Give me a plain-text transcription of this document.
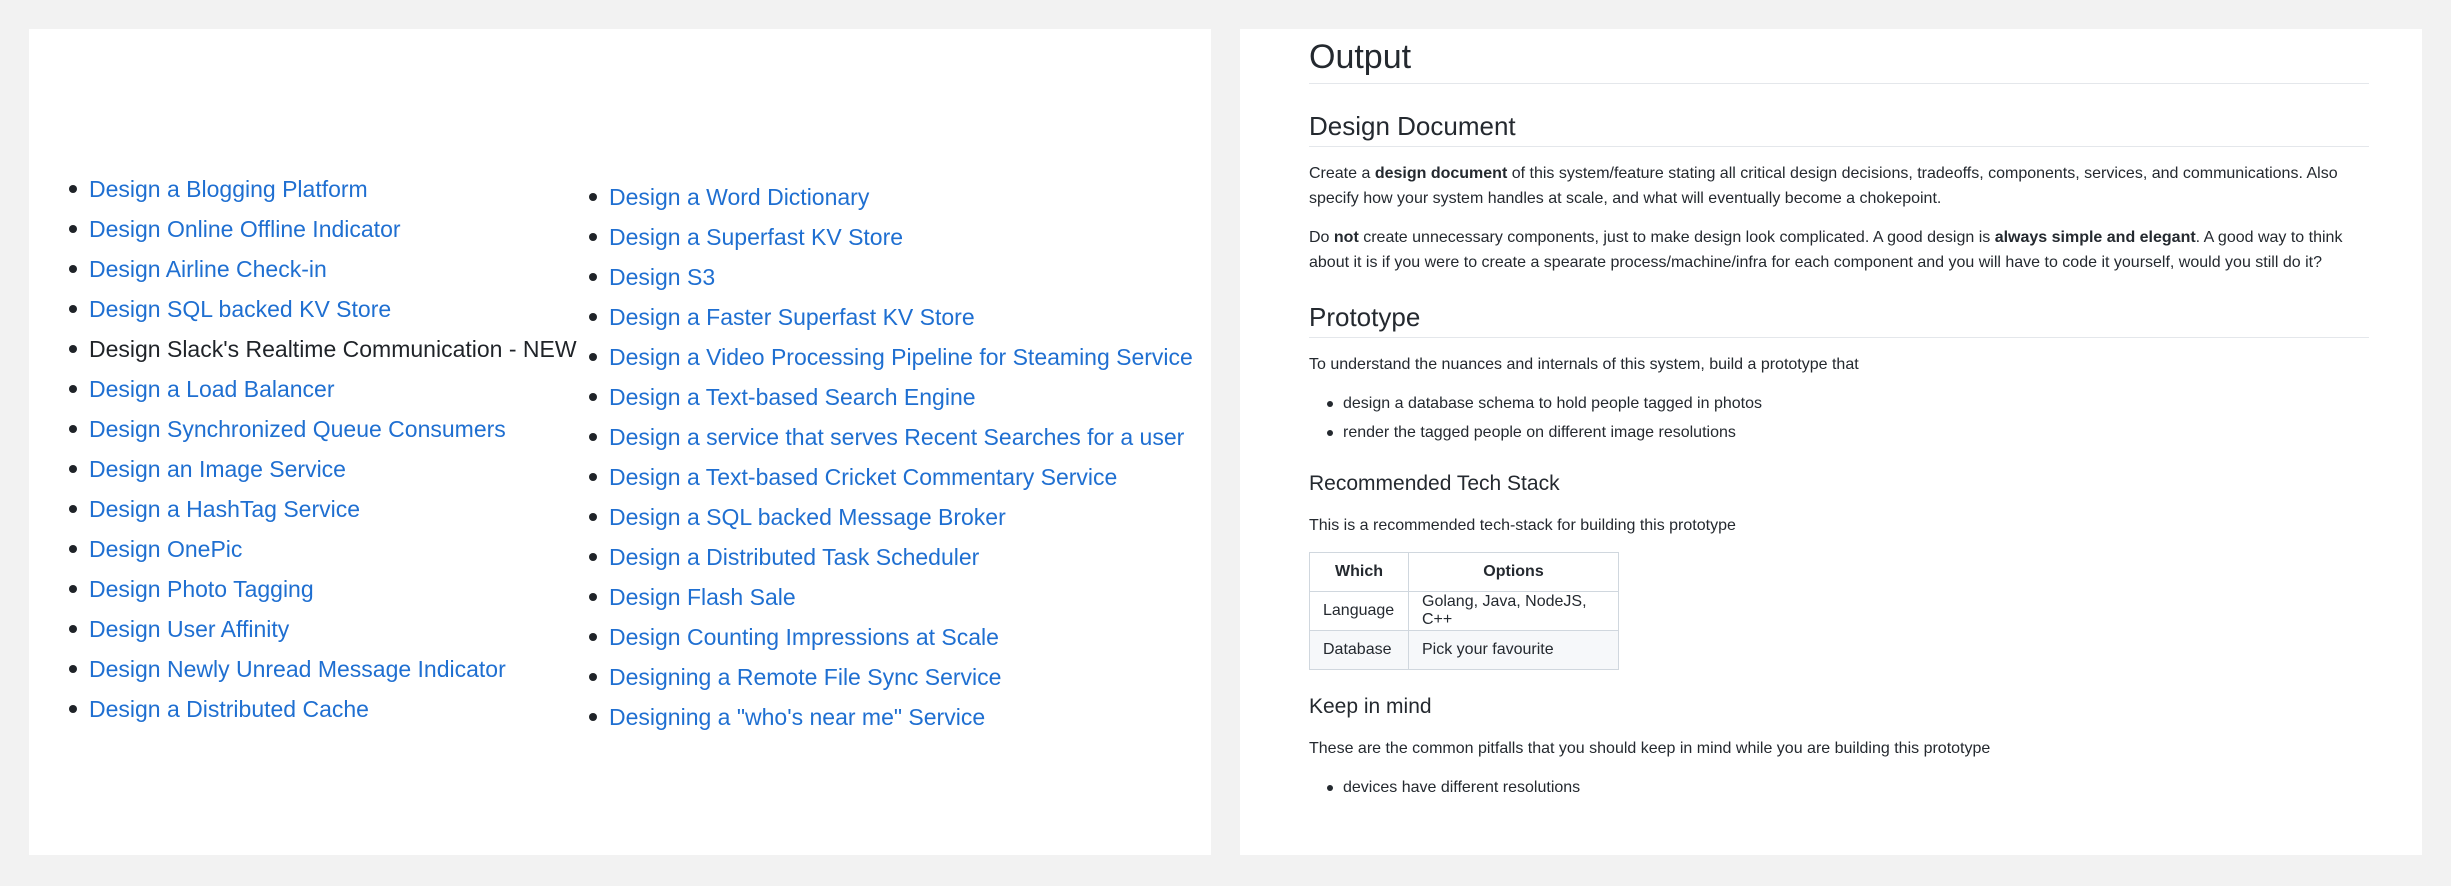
Design a Blogging Platform
Design Online Offline Indicator
Design Airline Check-in
Design SQL backed KV Store
Design Slack's Realtime Communication - NEW
Design a Load Balancer
Design Synchronized Queue Consumers
Design an Image Service
Design a HashTag Service
Design OnePic
Design Photo Tagging
Design User Affinity
Design Newly Unread Message Indicator
Design a Distributed Cache
Design a Word Dictionary
Design a Superfast KV Store
Design S3
Design a Faster Superfast KV Store
Design a Video Processing Pipeline for Steaming Service
Design a Text-based Search Engine
Design a service that serves Recent Searches for a user
Design a Text-based Cricket Commentary Service
Design a SQL backed Message Broker
Design a Distributed Task Scheduler
Design Flash Sale
Design Counting Impressions at Scale
Designing a Remote File Sync Service
Designing a "who's near me" Service
Output
Design Document

Create a design document of this system/feature stating all critical design decisions, tradeoffs, components, services, and communications. Also specify how your system handles at scale, and what will eventually become a chokepoint.

Do not create unnecessary components, just to make design look complicated. A good design is always simple and elegant. A good way to think about it is if you were to create a spearate process/machine/infra for each component and you will have to code it yourself, would you still do it?

Prototype

To understand the nuances and internals of this system, build a prototype that

design a database schema to hold people tagged in photos
render the tagged people on different image resolutions
Recommended Tech Stack

This is a recommended tech-stack for building this prototype

Which	Options
Language	Golang, Java, NodeJS, C++
Database	Pick your favourite
Keep in mind

These are the common pitfalls that you should keep in mind while you are building this prototype

devices have different resolutions
